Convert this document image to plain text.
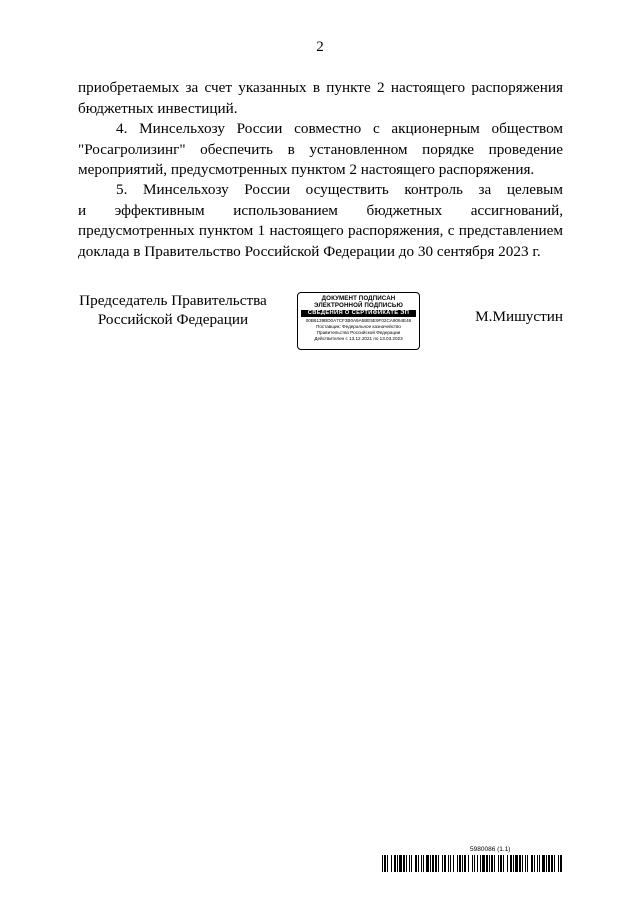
2
приобретаемых за счет указанных в пункте 2 настоящего распоряжения
бюджетных инвестиций.
4. Минсельхозу России совместно с акционерным обществом
"Росагролизинг" обеспечить в установленном порядке проведение
мероприятий, предусмотренных пунктом 2 настоящего распоряжения.
5. Минсельхозу России осуществить контроль за целевым
и эффективным использованием бюджетных ассигнований,
предусмотренных пунктом 1 настоящего распоряжения, с представлением
доклада в Правительство Российской Федерации до 30 сентября 2023 г.
Председатель Правительства
Российской Федерации
ДОКУМЕНТ ПОДПИСАН
ЭЛЕКТРОННОЙ ПОДПИСЬЮ
СВЕДЕНИЯ О СЕРТИФИКАТЕ ЭП
00B6139BD0A7CF3B0A9A5BE5E9F02CA9064E46
Поставщик: Федеральное казначейство
Правительство Российской Федерации
Действителен с 13.12.2021 по 13.03.2023
М.Мишустин
5980086 (1.1)
